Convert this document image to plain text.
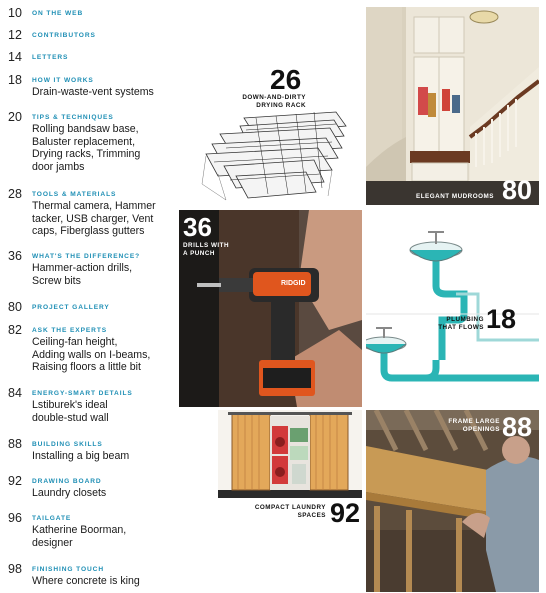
10 ON THE WEB
12 CONTRIBUTORS
14 LETTERS
18 HOW IT WORKS
Drain-waste-vent systems
20 TIPS & TECHNIQUES
Rolling bandsaw base,
Baluster replacement,
Drying racks, Trimming
door jambs
28 TOOLS & MATERIALS
Thermal camera, Hammer
tacker, USB charger, Vent
caps, Fiberglass gutters
36 WHAT'S THE DIFFERENCE?
Hammer-action drills,
Screw bits
80 PROJECT GALLERY
82 ASK THE EXPERTS
Ceiling-fan height,
Adding walls on I-beams,
Raising floors a little bit
84 ENERGY-SMART DETAILS
Lstiburek's ideal
double-stud wall
88 BUILDING SKILLS
Installing a big beam
92 DRAWING BOARD
Laundry closets
96 TAILGATE
Katherine Boorman,
designer
98 FINISHING TOUCH
Where concrete is king
26
DOWN-AND-DIRTY
DRYING RACK
ELEGANT MUDROOMS 80
36
DRILLS WITH
A PUNCH
RIDGID
PLUMBING
THAT FLOWS 18
COMPACT LAUNDRY
SPACES 92
FRAME LARGE
OPENINGS 88
